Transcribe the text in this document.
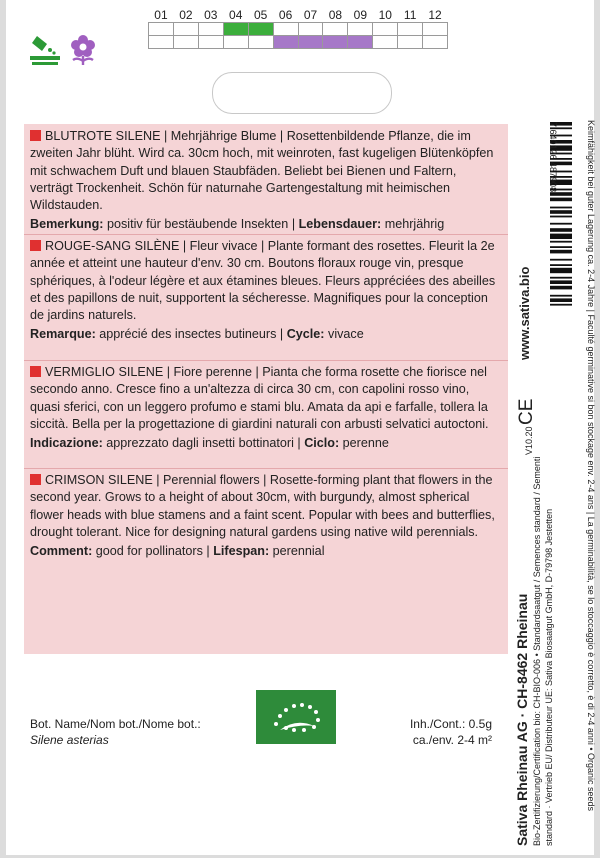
01	02	03	04	05	06	07	08	09	10	11	12

BLUTROTE SILENE | Mehrjährige Blume | Rosettenbildende Pflanze, die im zweiten Jahr blüht. Wird ca. 30cm hoch, mit weinroten, fast kugeligen Blütenköpfen mit schwachem Duft und blauen Staubfäden. Beliebt bei Bienen und Faltern, verträgt Trockenheit. Schön für naturnahe Gartengestaltung mit heimischen Wildstauden.

Bemerkung: positiv für bestäubende Insekten | Lebensdauer: mehrjährig

ROUGE-SANG SILÈNE | Fleur vivace | Plante formant des rosettes. Fleurit la 2e année et atteint une hauteur d'env. 30 cm. Boutons floraux rouge vin, presque sphériques, à l'odeur légère et aux étamines bleues. Fleurs appréciées des abeilles et des papillons de nuit, supportent la sécheresse. Magnifiques pour la conception de jardins naturels.

Remarque: apprécié des insectes butineurs | Cycle: vivace

VERMIGLIO SILENE | Fiore perenne | Pianta che forma rosette che fiorisce nel secondo anno. Cresce fino a un'altezza di circa 30 cm, con capolini rosso vino, quasi sferici, con un leggero profumo e stami blu. Amata da api e farfalle, tollera la siccità. Bella per la progettazione di giardini naturali con arbusti selvatici autoctoni.

Indicazione: apprezzato dagli insetti bottinatori | Ciclo: perenne

CRIMSON SILENE | Perennial flowers | Rosette-forming plant that flowers in the second year. Grows to a height of about 30cm, with burgundy, almost spherical flower heads with blue stamens and a faint scent. Popular with bees and butterflies, drought tolerant. Nice for designing natural gardens using native wild perennials.

Comment: good for pollinators | Lifespan: perennial
Bot. Name/Nom bot./Nome bot.:
Silene asterias
Inh./Cont.: 0.5g
ca./env. 2-4 m² Sativa Rheinau AG · CH-8462 Rheinau Bio-Zertifizierung/Certification bio: CH-BIO-006 • Standardsaatgut / Semences standard / Sementi standard · Vertrieb EU/ Distributeur UE: Sativa Biosaatgut GmbH, D-79798 Jestetten
www.sativa.bio
CE
V10.20
7 640126 487908	Keimfähigkeit bei guter Lagerung ca. 2-4 Jahre | Faculté germinative si bon stockage env. 2-4 ans | La germinabilità, se lo stoccaggio è corretto, è di 2-4 anni • Organic seeds
